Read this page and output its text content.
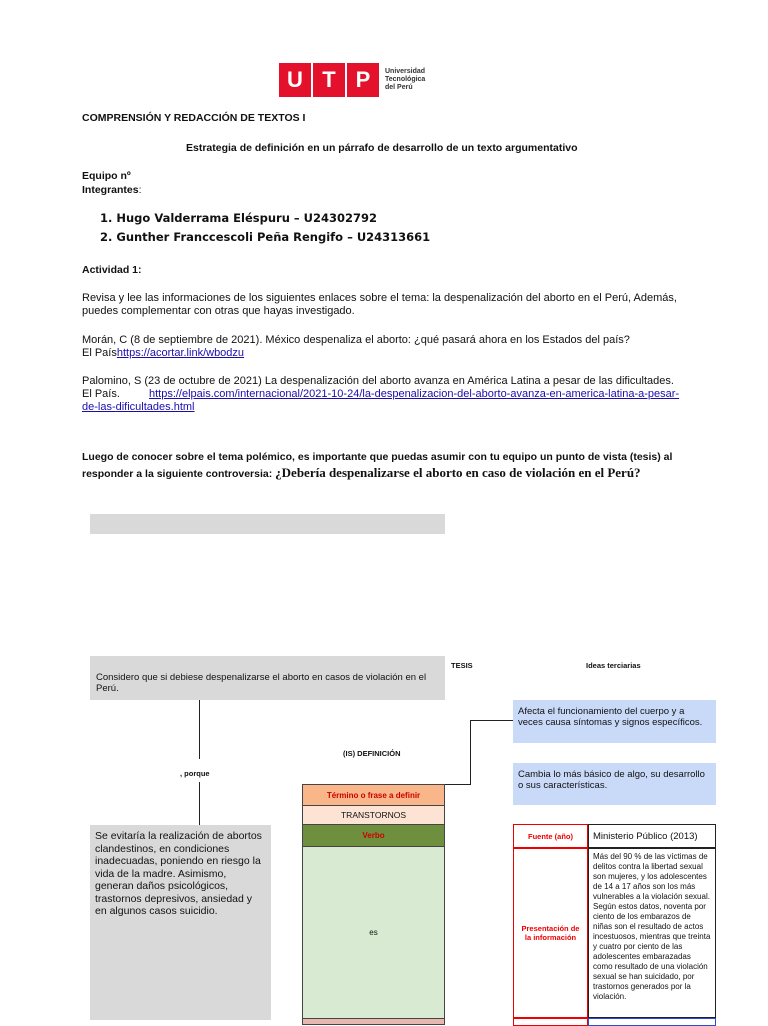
U T P	Universidad
Tecnológica
del Perú
COMPRENSIÓN Y REDACCIÓN DE TEXTOS I
Estrategia de definición en un párrafo de desarrollo de un texto argumentativo
Equipo nº
Integrantes:
1. Hugo Valderrama Eléspuru – U24302792
2. Gunther Franccescoli Peña Rengifo – U24313661
Actividad 1:
Revisa y lee las informaciones de los siguientes enlaces sobre el tema: la despenalización del aborto en el Perú, Además, puedes complementar con otras que hayas investigado.
Morán, C (8 de septiembre de 2021). México despenaliza el aborto: ¿qué pasará ahora en los Estados del país?
El Paíshttps://acortar.link/wbodzu
Palomino, S (23 de octubre de 2021) La despenalización del aborto avanza en América Latina a pesar de las dificultades. El País.	https://elpais.com/internacional/2021-10-24/la-despenalizacion-del-aborto-avanza-en-america-latina-a-pesar-de-las-dificultades.html
Luego de conocer sobre el tema polémico, es importante que puedas asumir con tu equipo un punto de vista (tesis) al responder a la siguiente controversia: ¿Debería despenalizarse el aborto en caso de violación en el Perú?
TESIS	Ideas terciarias
Considero que si debiese despenalizarse el aborto en casos de violación en el Perú.
, porque
(IS) DEFINICIÓN
Afecta el funcionamiento del cuerpo y a veces causa síntomas y signos específicos.
Cambia lo más básico de algo, su desarrollo o sus características.
Se evitaría la realización de abortos clandestinos, en condiciones inadecuadas, poniendo en riesgo la vida de la madre. Asimismo, generan daños psicológicos, trastornos depresivos, ansiedad y en algunos casos suicidio.
Término o frase a definir
TRANSTORNOS
Verbo
es
Fuente (año)	Ministerio Público (2013)
Presentación de la información
Más del 90 % de las víctimas de delitos contra la libertad sexual son mujeres, y los adolescentes de 14 a 17 años son los más vulnerables a la violación sexual. Según estos datos, noventa por ciento de los embarazos de niñas son el resultado de actos incestuosos, mientras que treinta y cuatro por ciento de las adolescentes embarazadas como resultado de una violación sexual se han suicidado, por trastornos generados por la violación.
